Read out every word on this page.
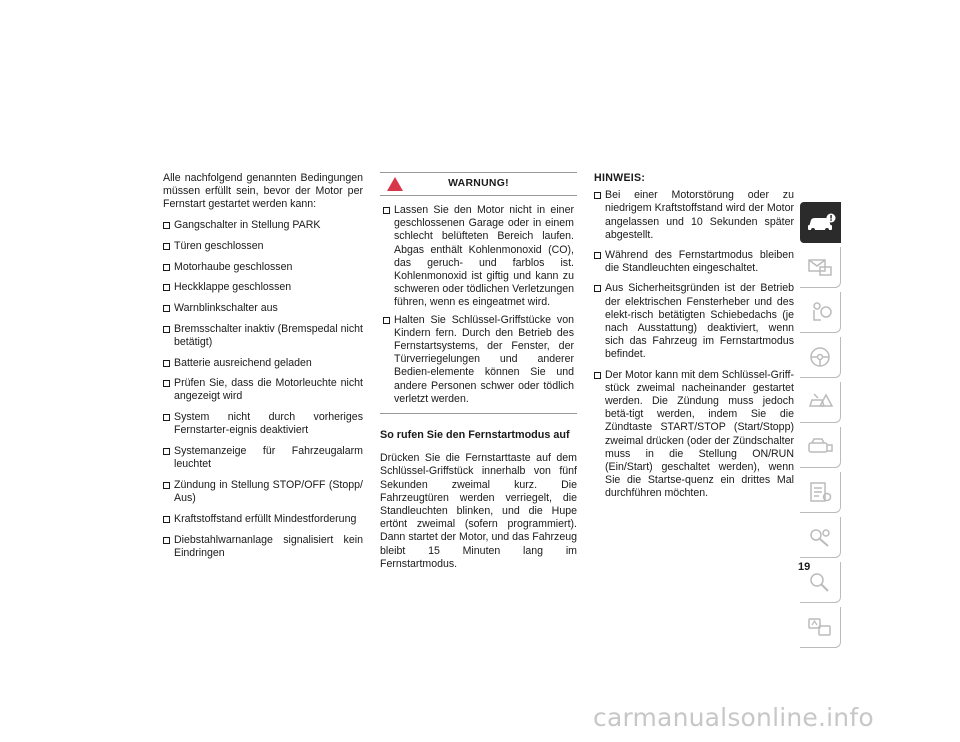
Alle nachfolgend genannten Bedingungen müssen erfüllt sein, bevor der Motor per Fernstart gestartet werden kann:

Gangschalter in Stellung PARK
Türen geschlossen
Motorhaube geschlossen
Heckklappe geschlossen
Warnblinkschalter aus
Bremsschalter inaktiv (Bremspedal nicht betätigt)
Batterie ausreichend geladen
Prüfen Sie, dass die Motorleuchte nicht angezeigt wird
System nicht durch vorheriges Fernstarter-eignis deaktiviert
Systemanzeige für Fahrzeugalarm leuchtet
Zündung in Stellung STOP/OFF (Stopp/ Aus)
Kraftstoffstand erfüllt Mindestforderung
Diebstahlwarnanlage signalisiert kein Eindringen
WARNUNG!
Lassen Sie den Motor nicht in einer geschlossenen Garage oder in einem schlecht belüfteten Bereich laufen. Abgas enthält Kohlenmonoxid (CO), das geruch- und farblos ist. Kohlenmonoxid ist giftig und kann zu schweren oder tödlichen Verletzungen führen, wenn es eingeatmet wird.
Halten Sie Schlüssel-Griffstücke von Kindern fern. Durch den Betrieb des Fernstartsystems, der Fenster, der Türverriegelungen und anderer Bedien-elemente können Sie und andere Personen schwer oder tödlich verletzt werden.
So rufen Sie den Fernstartmodus auf

Drücken Sie die Fernstarttaste auf dem Schlüssel-Griffstück innerhalb von fünf Sekunden zweimal kurz. Die Fahrzeugtüren werden verriegelt, die Standleuchten blinken, und die Hupe ertönt zweimal (sofern programmiert). Dann startet der Motor, und das Fahrzeug bleibt 15 Minuten lang im Fernstartmodus.

HINWEIS:
Bei einer Motorstörung oder zu niedrigem Kraftstoffstand wird der Motor angelassen und 10 Sekunden später abgestellt.
Während des Fernstartmodus bleiben die Standleuchten eingeschaltet.
Aus Sicherheitsgründen ist der Betrieb der elektrischen Fensterheber und des elekt-risch betätigten Schiebedachs (je nach Ausstattung) deaktiviert, wenn sich das Fahrzeug im Fernstartmodus befindet.
Der Motor kann mit dem Schlüssel-Griff-stück zweimal nacheinander gestartet werden. Die Zündung muss jedoch betä-tigt werden, indem Sie die Zündtaste START/STOP (Start/Stopp) zweimal drücken (oder der Zündschalter muss in die Stellung ON/RUN (Ein/Start) geschaltet werden), wenn Sie die Startse-quenz ein drittes Mal durchführen möchten.
19
carmanualsonline.info
